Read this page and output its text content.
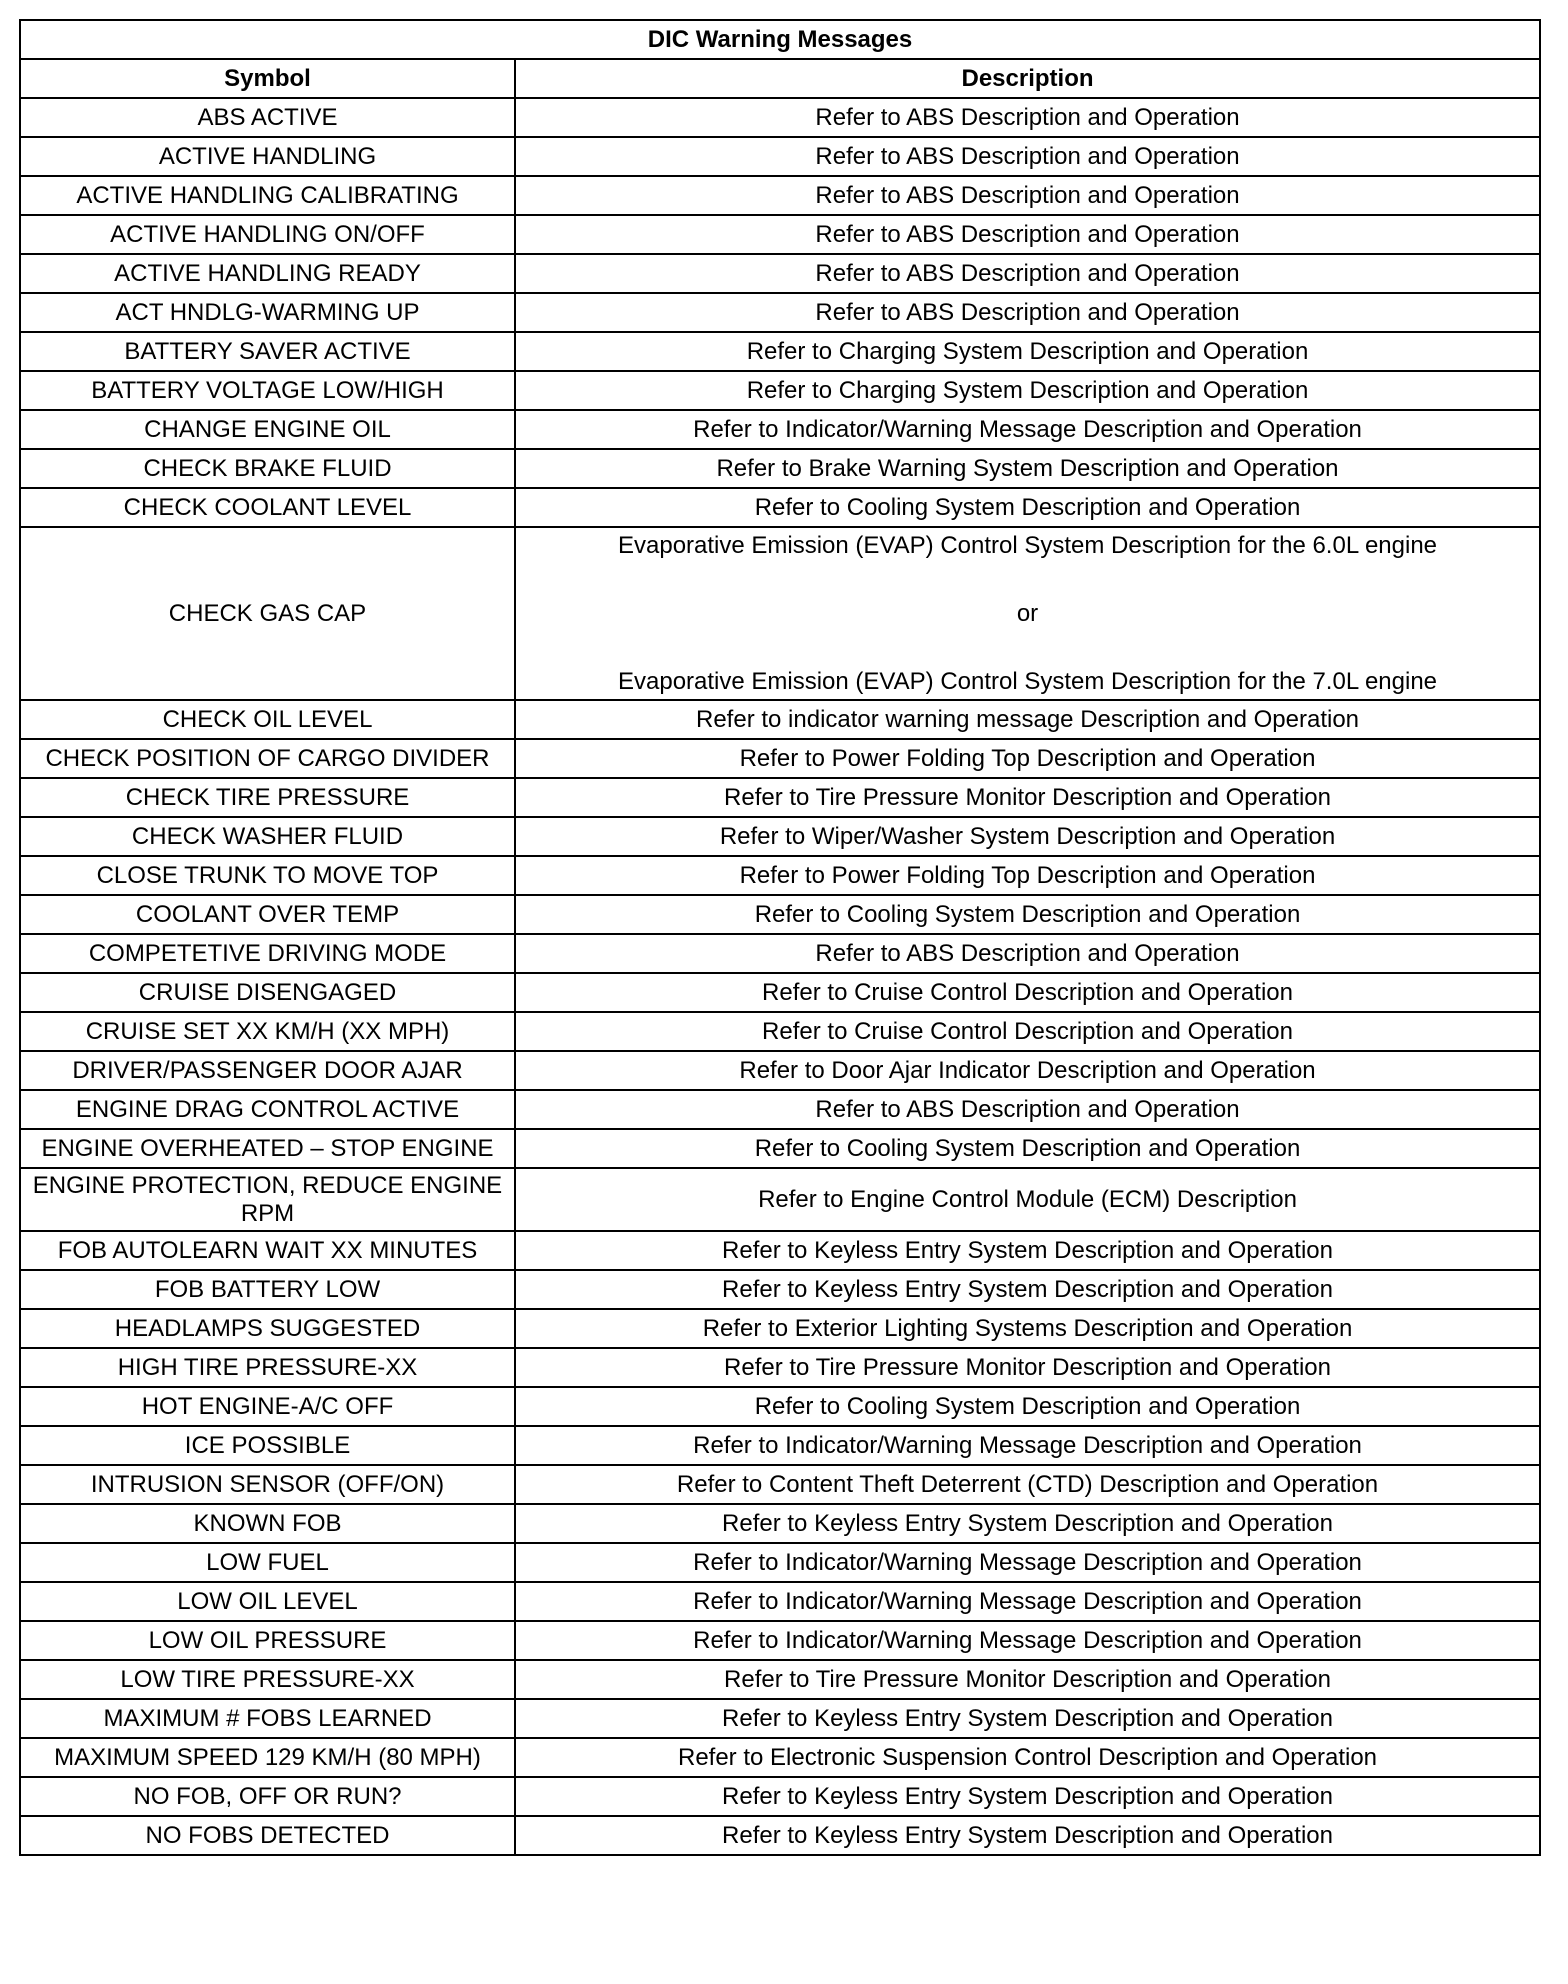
DIC Warning Messages	
Symbol	Description
ABS ACTIVE	Refer to ABS Description and Operation
ACTIVE HANDLING	Refer to ABS Description and Operation
ACTIVE HANDLING CALIBRATING	Refer to ABS Description and Operation
ACTIVE HANDLING ON/OFF	Refer to ABS Description and Operation
ACTIVE HANDLING READY	Refer to ABS Description and Operation
ACT HNDLG-WARMING UP	Refer to ABS Description and Operation
BATTERY SAVER ACTIVE	Refer to Charging System Description and Operation
BATTERY VOLTAGE LOW/HIGH	Refer to Charging System Description and Operation
CHANGE ENGINE OIL	Refer to Indicator/Warning Message Description and Operation
CHECK BRAKE FLUID	Refer to Brake Warning System Description and Operation
CHECK COOLANT LEVEL	Refer to Cooling System Description and Operation
CHECK GAS CAP	Evaporative Emission (EVAP) Control System Description for the 6.0L engine
or
Evaporative Emission (EVAP) Control System Description for the 7.0L engine

CHECK OIL LEVEL	Refer to indicator warning message Description and Operation
CHECK POSITION OF CARGO DIVIDER	Refer to Power Folding Top Description and Operation
CHECK TIRE PRESSURE	Refer to Tire Pressure Monitor Description and Operation
CHECK WASHER FLUID	Refer to Wiper/Washer System Description and Operation
CLOSE TRUNK TO MOVE TOP	Refer to Power Folding Top Description and Operation
COOLANT OVER TEMP	Refer to Cooling System Description and Operation
COMPETETIVE DRIVING MODE	Refer to ABS Description and Operation
CRUISE DISENGAGED	Refer to Cruise Control Description and Operation
CRUISE SET XX KM/H (XX MPH)	Refer to Cruise Control Description and Operation
DRIVER/PASSENGER DOOR AJAR	Refer to Door Ajar Indicator Description and Operation
ENGINE DRAG CONTROL ACTIVE	Refer to ABS Description and Operation
ENGINE OVERHEATED – STOP ENGINE	Refer to Cooling System Description and Operation
ENGINE PROTECTION, REDUCE ENGINE RPM	Refer to Engine Control Module (ECM) Description
FOB AUTOLEARN WAIT XX MINUTES	Refer to Keyless Entry System Description and Operation
FOB BATTERY LOW	Refer to Keyless Entry System Description and Operation
HEADLAMPS SUGGESTED	Refer to Exterior Lighting Systems Description and Operation
HIGH TIRE PRESSURE-XX	Refer to Tire Pressure Monitor Description and Operation
HOT ENGINE-A/C OFF	Refer to Cooling System Description and Operation
ICE POSSIBLE	Refer to Indicator/Warning Message Description and Operation
INTRUSION SENSOR (OFF/ON)	Refer to Content Theft Deterrent (CTD) Description and Operation
KNOWN FOB	Refer to Keyless Entry System Description and Operation
LOW FUEL	Refer to Indicator/Warning Message Description and Operation
LOW OIL LEVEL	Refer to Indicator/Warning Message Description and Operation
LOW OIL PRESSURE	Refer to Indicator/Warning Message Description and Operation
LOW TIRE PRESSURE-XX	Refer to Tire Pressure Monitor Description and Operation
MAXIMUM # FOBS LEARNED	Refer to Keyless Entry System Description and Operation
MAXIMUM SPEED 129 KM/H (80 MPH)	Refer to Electronic Suspension Control Description and Operation
NO FOB, OFF OR RUN?	Refer to Keyless Entry System Description and Operation
NO FOBS DETECTED	Refer to Keyless Entry System Description and Operation
